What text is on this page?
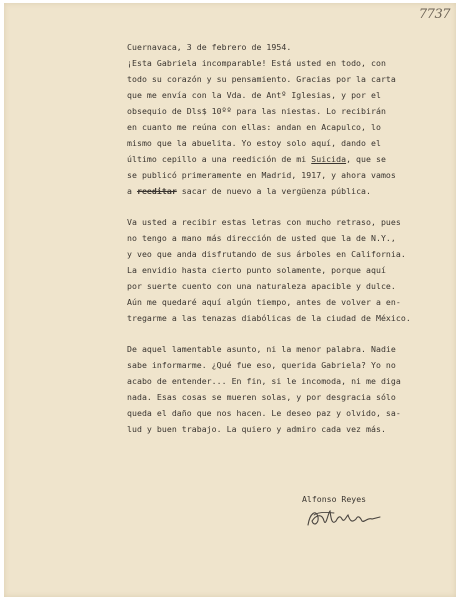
7737
Cuernavaca, 3 de febrero de 1954.
¡Esta Gabriela incomparable! Está usted en todo, con
todo su corazón y su pensamiento. Gracias por la carta
que me envía con la Vda. de Antº Iglesias, y por el
obsequio de Dls$ 10ºº para las niestas. Lo recibirán
en cuanto me reúna con ellas: andan en Acapulco, lo
mismo que la abuelita. Yo estoy solo aquí, dando el
último cepillo a una reedición de mi Suicida, que se
se publicó primeramente en Madrid, 1917, y ahora vamos
a reeditar sacar de nuevo a la vergüenza pública.
Va usted a recibir estas letras con mucho retraso, pues
no tengo a mano más dirección de usted que la de N.Y.,
y veo que anda disfrutando de sus árboles en California.
La envidio hasta cierto punto solamente, porque aquí
por suerte cuento con una naturaleza apacible y dulce.
Aún me quedaré aquí algún tiempo, antes de volver a en-
tregarme a las tenazas diabólicas de la ciudad de México.
De aquel lamentable asunto, ni la menor palabra. Nadie
sabe informarme. ¿Qué fue eso, querida Gabriela? Yo no
acabo de entender... En fin, si le incomoda, ni me diga
nada. Esas cosas se mueren solas, y por desgracia sólo
queda el daño que nos hacen. Le deseo paz y olvido, sa-
lud y buen trabajo. La quiero y admiro cada vez más.
Alfonso Reyes
